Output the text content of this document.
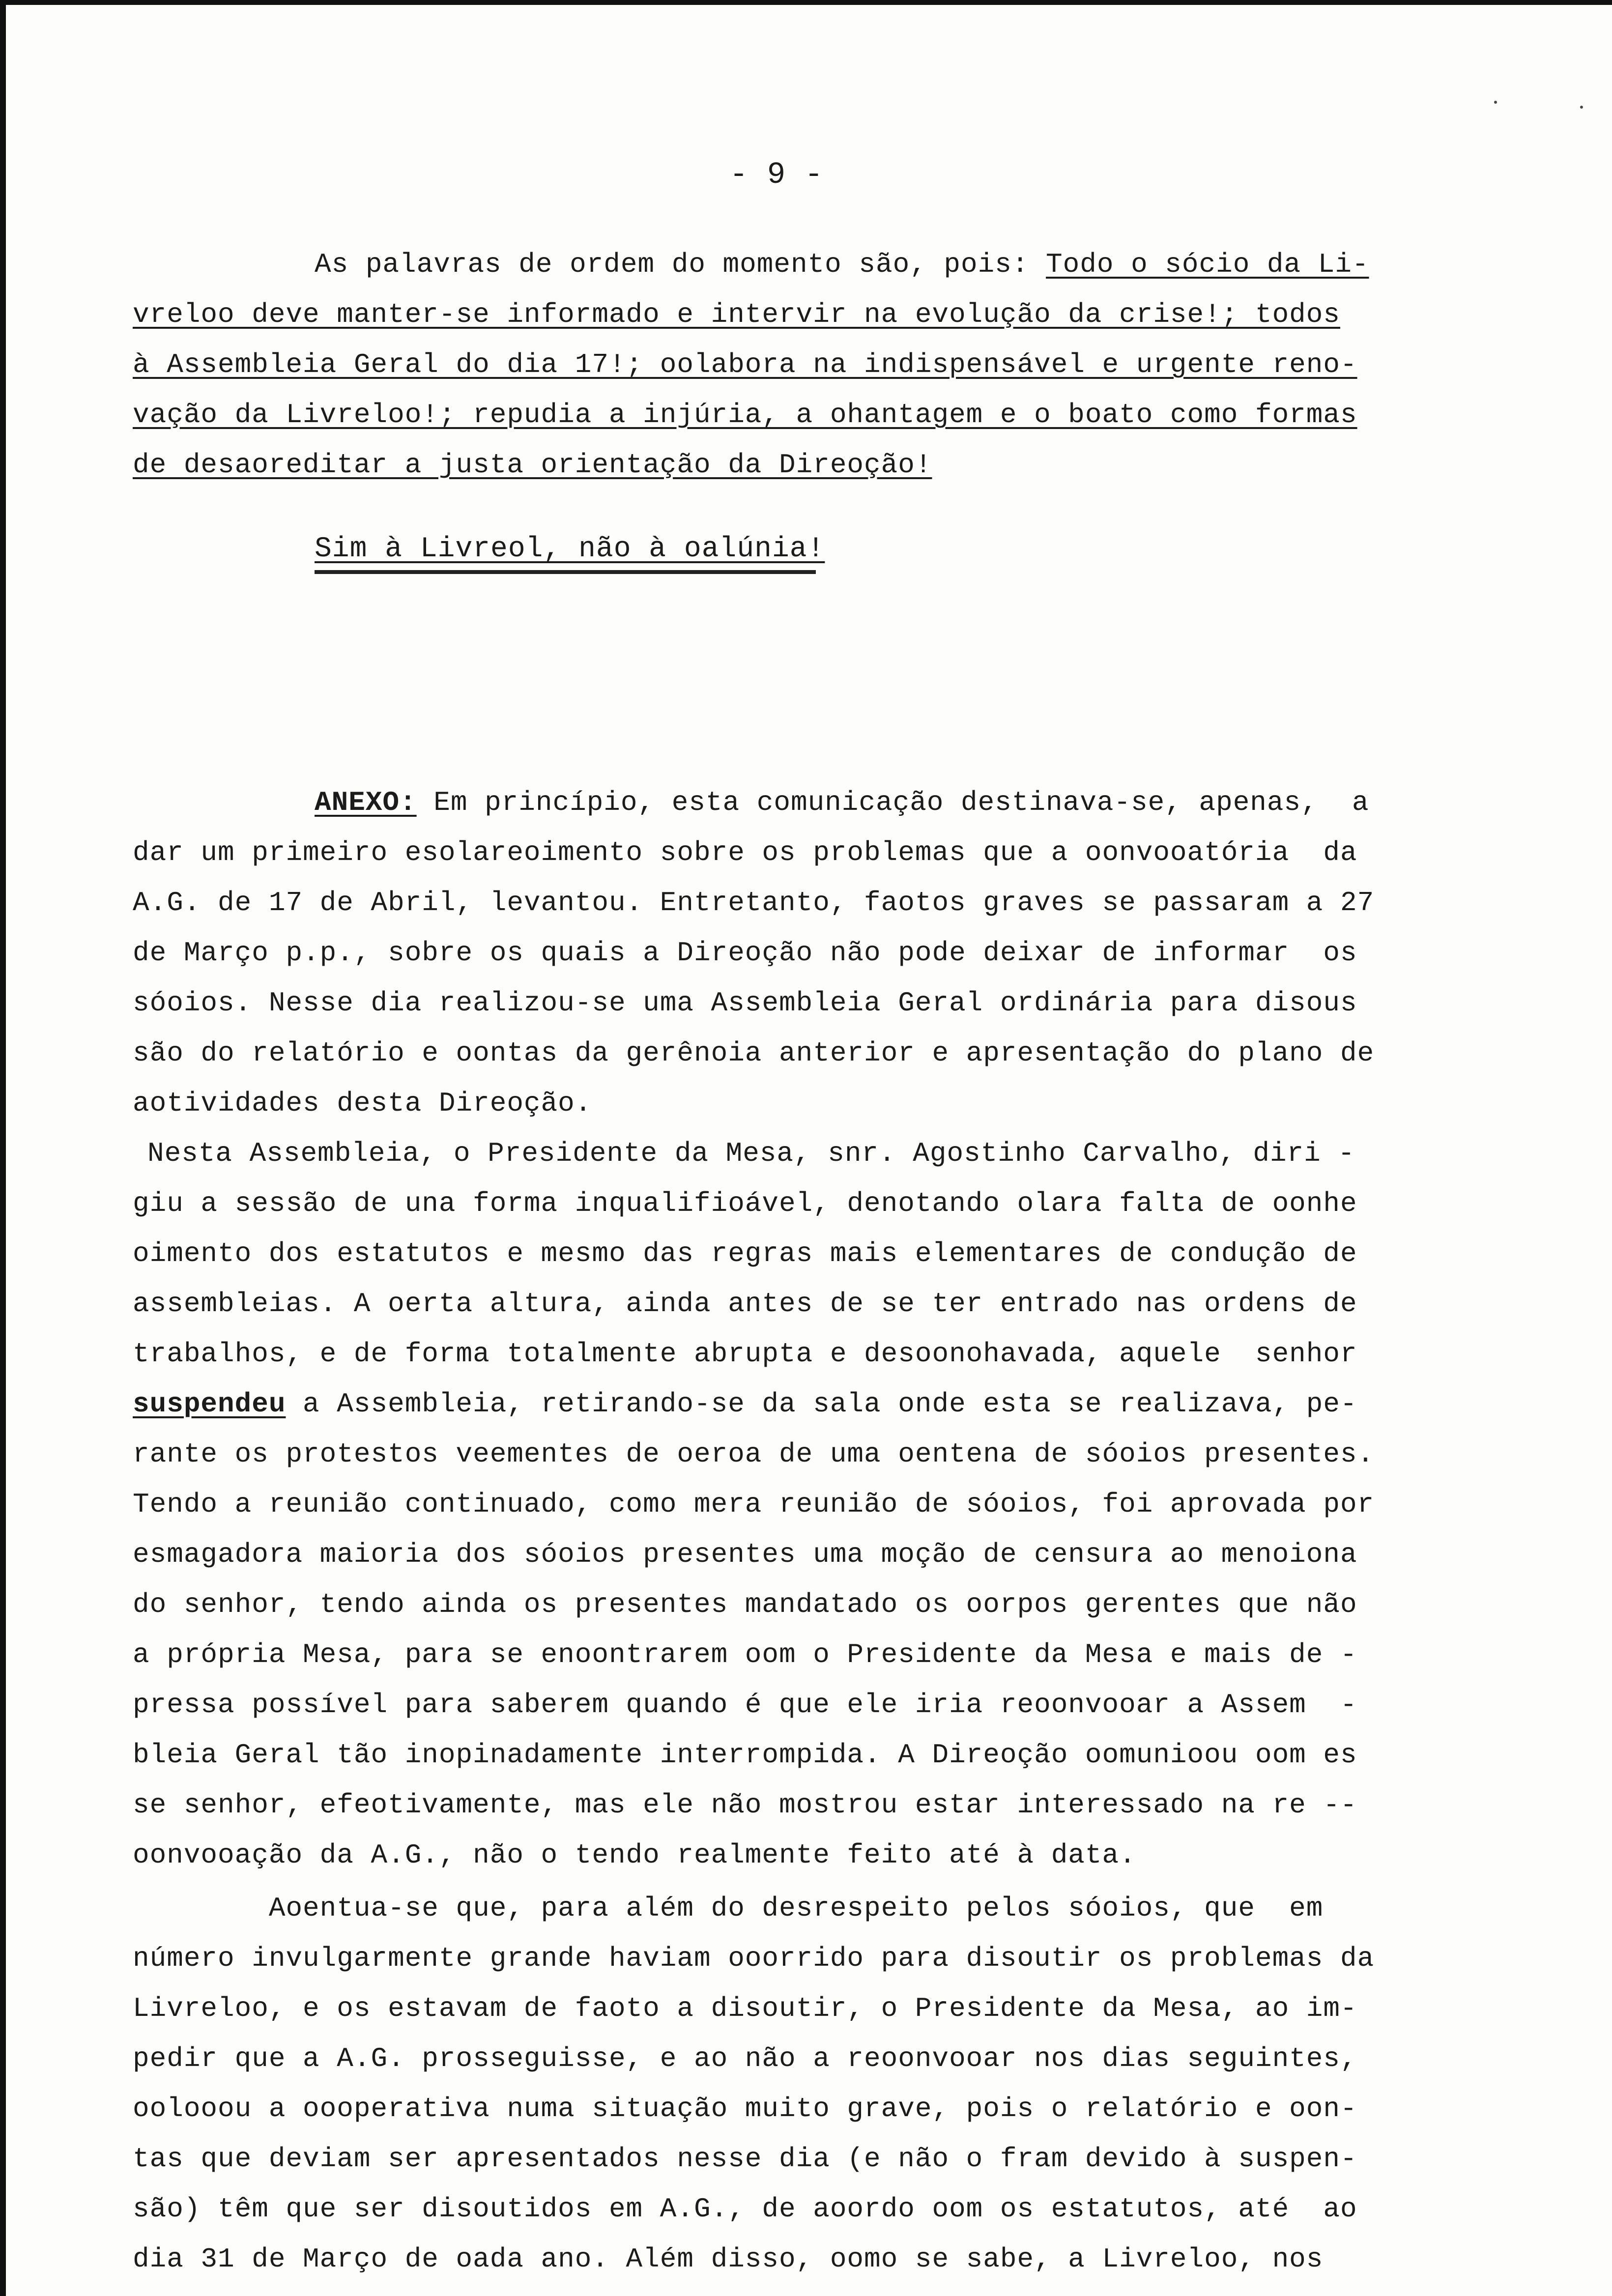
- 9 -
As palavras de ordem do momento são, pois: Todo o sócio da Li-
vreloo deve manter-se informado e intervir na evolução da crise!; todos
à Assembleia Geral do dia 17!; oolabora na indispensável e urgente reno-
vação da Livreloo!; repudia a injúria, a ohantagem e o boato como formas
de desaoreditar a justa orientação da Direoção!
Sim à Livreol, não à oalúnia!
ANEXO: Em princípio, esta comunicação destinava-se, apenas,  a
dar um primeiro esolareoimento sobre os problemas que a oonvooatória  da
A.G. de 17 de Abril, levantou. Entretanto, faotos graves se passaram a 27
de Março p.p., sobre os quais a Direoção não pode deixar de informar  os
sóoios. Nesse dia realizou-se uma Assembleia Geral ordinária para disous
são do relatório e oontas da gerênoia anterior e apresentação do plano de
aotividades desta Direoção.
Nesta Assembleia, o Presidente da Mesa, snr. Agostinho Carvalho, diri -
giu a sessão de una forma inqualifioável, denotando olara falta de oonhe
oimento dos estatutos e mesmo das regras mais elementares de condução de
assembleias. A oerta altura, ainda antes de se ter entrado nas ordens de
trabalhos, e de forma totalmente abrupta e desoonohavada, aquele  senhor
suspendeu a Assembleia, retirando-se da sala onde esta se realizava, pe-
rante os protestos veementes de oeroa de uma oentena de sóoios presentes.
Tendo a reunião continuado, como mera reunião de sóoios, foi aprovada por
esmagadora maioria dos sóoios presentes uma moção de censura ao menoiona
do senhor, tendo ainda os presentes mandatado os oorpos gerentes que não
a própria Mesa, para se enoontrarem oom o Presidente da Mesa e mais de -
pressa possível para saberem quando é que ele iria reoonvooar a Assem  -
bleia Geral tão inopinadamente interrompida. A Direoção oomunioou oom es
se senhor, efeotivamente, mas ele não mostrou estar interessado na re --
oonvooação da A.G., não o tendo realmente feito até à data.
Aoentua-se que, para além do desrespeito pelos sóoios, que  em
número invulgarmente grande haviam ooorrido para disoutir os problemas da
Livreloo, e os estavam de faoto a disoutir, o Presidente da Mesa, ao im-
pedir que a A.G. prosseguisse, e ao não a reoonvooar nos dias seguintes,
oolooou a oooperativa numa situação muito grave, pois o relatório e oon-
tas que deviam ser apresentados nesse dia (e não o fram devido à suspen-
são) têm que ser disoutidos em A.G., de aoordo oom os estatutos, até  ao
dia 31 de Março de oada ano. Além disso, oomo se sabe, a Livreloo, nos
